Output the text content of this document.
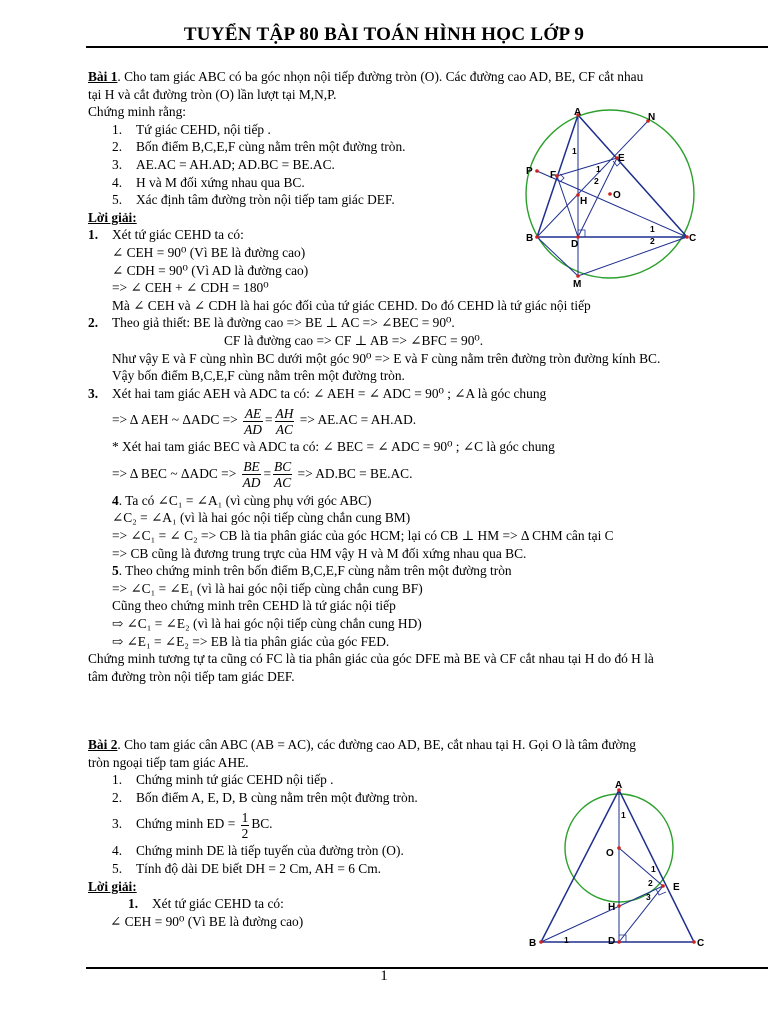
TUYỂN TẬP 80 BÀI TOÁN HÌNH HỌC LỚP 9

Bài 1. Cho tam giác ABC có ba góc nhọn nội tiếp đường tròn (O). Các đường cao AD, BE, CF cắt nhau

tại H và cắt đường tròn (O) lần lượt tại M,N,P.

Chứng minh rằng:

1. Tứ giác CEHD, nội tiếp .

2. Bốn điểm B,C,E,F cùng nằm trên một đường tròn.

3. AE.AC = AH.AD; AD.BC = BE.AC.

4. H và M đối xứng nhau qua BC.

5. Xác định tâm đường tròn nội tiếp tam giác DEF.

Lời giải:

1. Xét tứ giác CEHD ta có:

∠ CEH = 90⁰ (Vì BE là đường cao)

∠ CDH = 90⁰ (Vì AD là đường cao)

=> ∠ CEH + ∠ CDH = 180⁰

Mà ∠ CEH và ∠ CDH là hai góc đối của tứ giác CEHD. Do đó CEHD là tứ giác nội tiếp

2. Theo giả thiết: BE là đường cao => BE ⊥ AC => ∠BEC = 90⁰.

CF là đường cao => CF ⊥ AB => ∠BFC = 90⁰.

Như vậy E và F cùng nhìn BC dưới một góc 90⁰ => E và F cùng nằm trên đường tròn đường kính BC.

Vậy bốn điểm B,C,E,F cùng nằm trên một đường tròn.

3. Xét hai tam giác AEH và ADC ta có: ∠ AEH = ∠ ADC = 90⁰ ; ∠A là góc chung

=> Δ AEH ~ $\Delta ADC => \frac{AE}{AD} = \frac{AH}{AC} => AE.AC = AH.AD$.

* Xét hai tam giác BEC và ADC ta có: ∠ BEC = ∠ ADC = 90⁰ ; ∠C là góc chung

=> Δ BEC ~ $\Delta ADC => \frac{BE}{AD} = \frac{BC}{AC} => AD.BC = BE.AC$.

4. Ta có ∠C₁ = ∠A₁ (vì cùng phụ với góc ABC)

∠C₂ = ∠A₁ (vì là hai góc nội tiếp cùng chắn cung BM)

=> ∠C₁ = ∠ C₂ => CB là tia phân giác của góc HCM; lại có CB ⊥ HM => Δ CHM cân tại C

=> CB cũng là đương trung trực của HM vậy H và M đối xứng nhau qua BC.

5. Theo chứng minh trên bốn điểm B,C,E,F cùng nằm trên một đường tròn

=> ∠C₁ = ∠E₁ (vì là hai góc nội tiếp cùng chắn cung BF)

Cũng theo chứng minh trên CEHD là tứ giác nội tiếp

⇨ ∠C₁ = ∠E₂ (vì là hai góc nội tiếp cùng chắn cung HD)

⇨ ∠E₁ = ∠E₂ => EB là tia phân giác của góc FED.

Chứng minh tương tự ta cũng có FC là tia phân giác của góc DFE mà BE và CF cắt nhau tại H do đó H là

tâm đường tròn nội tiếp tam giác DEF.

Bài 2. Cho tam giác cân ABC (AB = AC), các đường cao AD, BE, cắt nhau tại H. Gọi O là tâm đường

tròn ngoại tiếp tam giác AHE.

1. Chứng minh tứ giác CEHD nội tiếp .

2. Bốn điểm A, E, D, B cùng nằm trên một đường tròn.

3. Chứng minh ED = $\frac{1}{2}$ BC.

4. Chứng minh DE là tiếp tuyến của đường tròn (O).

5. Tính độ dài DE biết DH = 2 Cm, AH = 6 Cm.

Lời giải:

1. Xét tứ giác CEHD ta có:

∠ CEH = 90⁰ (Vì BE là đường cao)

A	N
P F
E
O
H
B
D
C
M
1
1
2
1
2
A
O
E
H
B	D	C
1
1
2
3
1
1
